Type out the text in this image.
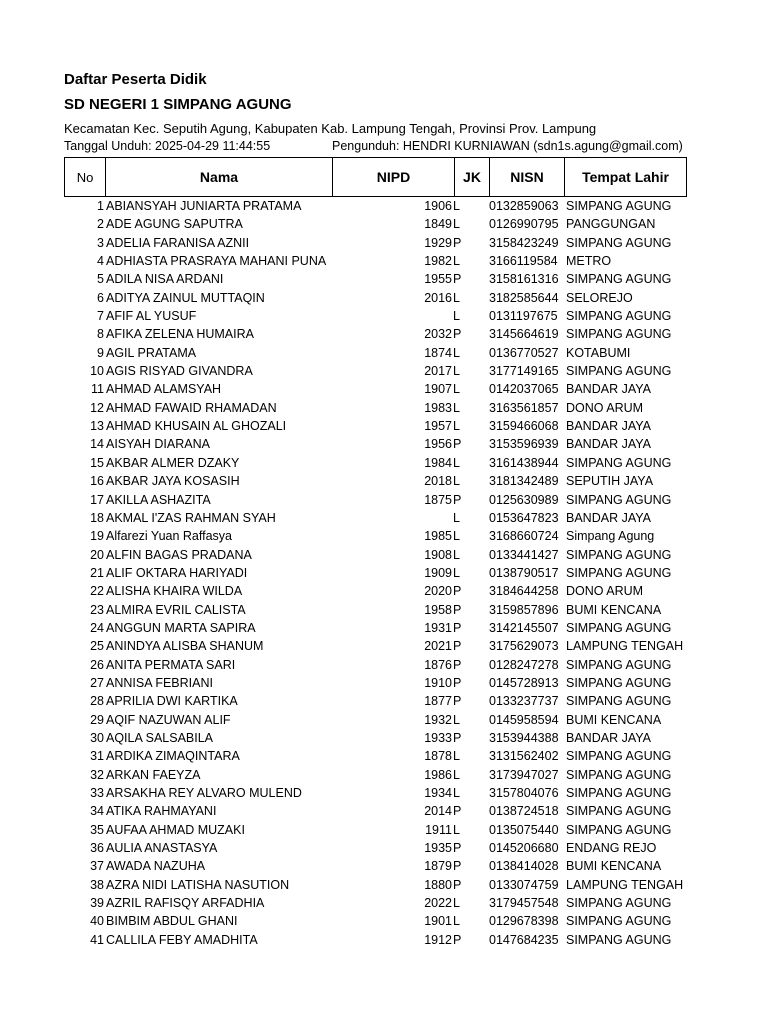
Daftar Peserta Didik
SD NEGERI 1 SIMPANG AGUNG
Kecamatan Kec. Seputih Agung, Kabupaten Kab. Lampung Tengah, Provinsi Prov. Lampung
Tanggal Unduh: 2025-04-29 11:44:55	Pengunduh: HENDRI KURNIAWAN (sdn1s.agung@gmail.com)
No	Nama	NIPD	JK	NISN	Tempat Lahir
1 ABIANSYAH JUNIARTA PRATAMA	1906 L 0132859063 SIMPANG AGUNG
2 ADE AGUNG SAPUTRA	1849 L 0126990795 PANGGUNGAN
3 ADELIA FARANISA AZNII	1929 P 3158423249 SIMPANG AGUNG
4 ADHIASTA PRASRAYA MAHANI PUNA	1982 L 3166119584 METRO
5 ADILA NISA ARDANI	1955 P 3158161316 SIMPANG AGUNG
6 ADITYA ZAINUL MUTTAQIN	2016 L 3182585644 SELOREJO
7 AFIF AL YUSUF	L 0131197675 SIMPANG AGUNG
8 AFIKA ZELENA HUMAIRA	2032 P 3145664619 SIMPANG AGUNG
9 AGIL PRATAMA	1874 L 0136770527 KOTABUMI
10 AGIS RISYAD GIVANDRA	2017 L 3177149165 SIMPANG AGUNG
11 AHMAD ALAMSYAH	1907 L 0142037065 BANDAR JAYA
12 AHMAD FAWAID RHAMADAN	1983 L 3163561857 DONO ARUM
13 AHMAD KHUSAIN AL GHOZALI	1957 L 3159466068 BANDAR JAYA
14 AISYAH DIARANA	1956 P 3153596939 BANDAR JAYA
15 AKBAR ALMER DZAKY	1984 L 3161438944 SIMPANG AGUNG
16 AKBAR JAYA KOSASIH	2018 L 3181342489 SEPUTIH JAYA
17 AKILLA ASHAZITA	1875 P 0125630989 SIMPANG AGUNG
18 AKMAL I'ZAS RAHMAN SYAH	L 0153647823 BANDAR JAYA
19 Alfarezi Yuan Raffasya	1985 L 3168660724 Simpang Agung
20 ALFIN BAGAS PRADANA	1908 L 0133441427 SIMPANG AGUNG
21 ALIF OKTARA HARIYADI	1909 L 0138790517 SIMPANG AGUNG
22 ALISHA KHAIRA WILDA	2020 P 3184644258 DONO ARUM
23 ALMIRA EVRIL CALISTA	1958 P 3159857896 BUMI KENCANA
24 ANGGUN MARTA SAPIRA	1931 P 3142145507 SIMPANG AGUNG
25 ANINDYA ALISBA SHANUM	2021 P 3175629073 LAMPUNG TENGAH
26 ANITA PERMATA SARI	1876 P 0128247278 SIMPANG AGUNG
27 ANNISA FEBRIANI	1910 P 0145728913 SIMPANG AGUNG
28 APRILIA DWI KARTIKA	1877 P 0133237737 SIMPANG AGUNG
29 AQIF NAZUWAN ALIF	1932 L 0145958594 BUMI KENCANA
30 AQILA SALSABILA	1933 P 3153944388 BANDAR JAYA
31 ARDIKA ZIMAQINTARA	1878 L 3131562402 SIMPANG AGUNG
32 ARKAN FAEYZA	1986 L 3173947027 SIMPANG AGUNG
33 ARSAKHA REY ALVARO MULEND	1934 L 3157804076 SIMPANG AGUNG
34 ATIKA RAHMAYANI	2014 P 0138724518 SIMPANG AGUNG
35 AUFAA AHMAD MUZAKI	1911 L 0135075440 SIMPANG AGUNG
36 AULIA ANASTASYA	1935 P 0145206680 ENDANG REJO
37 AWADA NAZUHA	1879 P 0138414028 BUMI KENCANA
38 AZRA NIDI LATISHA NASUTION	1880 P 0133074759 LAMPUNG TENGAH
39 AZRIL RAFISQY ARFADHIA	2022 L 3179457548 SIMPANG AGUNG
40 BIMBIM ABDUL GHANI	1901 L 0129678398 SIMPANG AGUNG
41 CALLILA FEBY AMADHITA	1912 P 0147684235 SIMPANG AGUNG
